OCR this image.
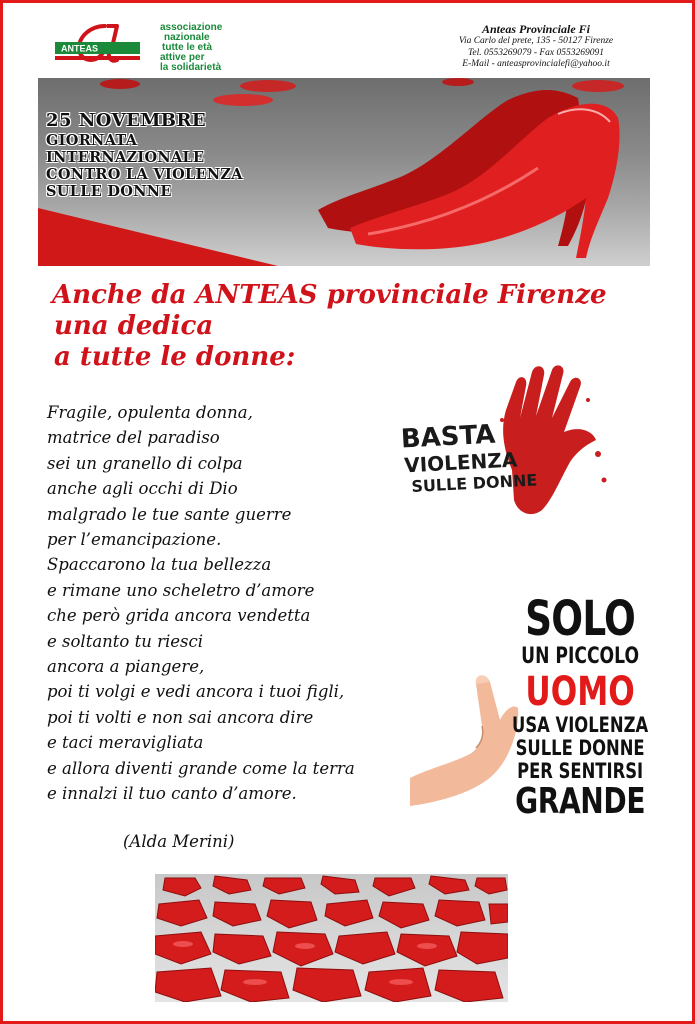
ANTEAS
associazione
nazionale
tutte le età
attive per
la solidarietà
Anteas Provinciale Fi
Via Carlo del prete, 135 - 50127 Firenze
Tel. 0553269079 - Fax 0553269091
E-Mail - anteasprovincialefi@yahoo.it
25 NOVEMBRE
GIORNATA
INTERNAZIONALE
CONTRO LA VIOLENZA
SULLE DONNE
Anche da ANTEAS provinciale Firenze
una dedica
a tutte le donne:
Fragile, opulenta donna,
matrice del paradiso
sei un granello di colpa
anche agli occhi di Dio
malgrado le tue sante guerre
per l’emancipazione.
Spaccarono la tua bellezza
e rimane uno scheletro d’amore
che però grida ancora vendetta
e soltanto tu riesci
ancora a piangere,
poi ti volgi e vedi ancora i tuoi figli,
poi ti volti e non sai ancora dire
e taci meravigliata
e allora diventi grande come la terra
e innalzi il tuo canto d’amore.
(Alda Merini)
BASTA
VIOLENZA
SULLE DONNE
SOLO
UN PICCOLO
UOMO
USA VIOLENZA
SULLE DONNE
PER SENTIRSI
GRANDE
